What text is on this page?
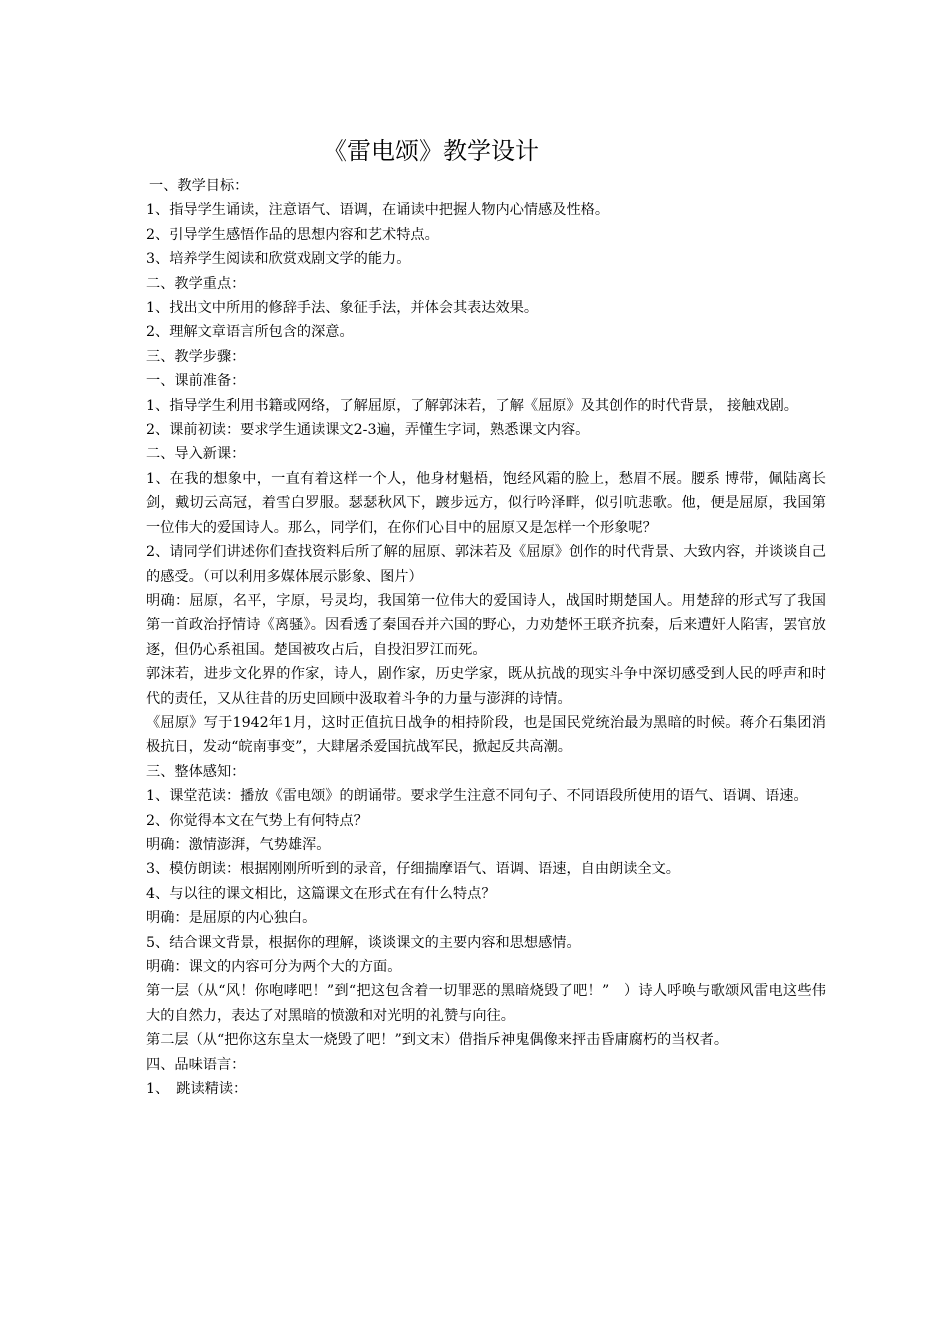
《雷电颂》教学设计

一、教学目标：

1、指导学生诵读，注意语气、语调，在诵读中把握人物内心情感及性格。

2、引导学生感悟作品的思想内容和艺术特点。

3、培养学生阅读和欣赏戏剧文学的能力。

二、教学重点：

1、找出文中所用的修辞手法、象征手法，并体会其表达效果。

2、理解文章语言所包含的深意。

三、教学步骤：

一、课前准备：

1、指导学生利用书籍或网络，了解屈原，了解郭沫若，了解《屈原》及其创作的时代背景， 接触戏剧。

2、课前初读：要求学生通读课文2-3遍，弄懂生字词，熟悉课文内容。

二、导入新课：

1、在我的想象中，一直有着这样一个人，他身材魁梧，饱经风霜的脸上，愁眉不展。腰系 博带，佩陆离长剑，戴切云高冠，着雪白罗服。瑟瑟秋风下，踱步远方，似行吟泽畔，似引吭悲歌。他，便是屈原，我国第一位伟大的爱国诗人。那么，同学们，在你们心目中的屈原又是怎样一个形象呢？

2、请同学们讲述你们查找资料后所了解的屈原、郭沫若及《屈原》创作的时代背景、大致内容，并谈谈自己的感受。（可以利用多媒体展示影象、图片）

明确：屈原，名平，字原，号灵均，我国第一位伟大的爱国诗人，战国时期楚国人。用楚辞的形式写了我国第一首政治抒情诗《离骚》。因看透了秦国吞并六国的野心，力劝楚怀王联齐抗秦，后来遭奸人陷害，罢官放逐，但仍心系祖国。楚国被攻占后，自投汨罗江而死。

郭沫若，进步文化界的作家，诗人，剧作家，历史学家，既从抗战的现实斗争中深切感受到人民的呼声和时代的责任，又从往昔的历史回顾中汲取着斗争的力量与澎湃的诗情。

《屈原》写于1942年1月，这时正值抗日战争的相持阶段，也是国民党统治最为黑暗的时候。蒋介石集团消极抗日，发动“皖南事变”，大肆屠杀爱国抗战军民，掀起反共高潮。

三、整体感知：

1、课堂范读：播放《雷电颂》的朗诵带。要求学生注意不同句子、不同语段所使用的语气、语调、语速。

2、你觉得本文在气势上有何特点？

明确：激情澎湃，气势雄浑。

3、模仿朗读：根据刚刚所听到的录音，仔细揣摩语气、语调、语速，自由朗读全文。

4、与以往的课文相比，这篇课文在形式在有什么特点？

明确：是屈原的内心独白。

5、结合课文背景，根据你的理解，谈谈课文的主要内容和思想感情。

明确：课文的内容可分为两个大的方面。

第一层（从“风！你咆哮吧！”到“把这包含着一切罪恶的黑暗烧毁了吧！”　）诗人呼唤与歌颂风雷电这些伟大的自然力，表达了对黑暗的愤激和对光明的礼赞与向往。

第二层（从“把你这东皇太一烧毁了吧！”到文末）借指斥神鬼偶像来抨击昏庸腐朽的当权者。

四、品味语言：

1、　跳读精读：
